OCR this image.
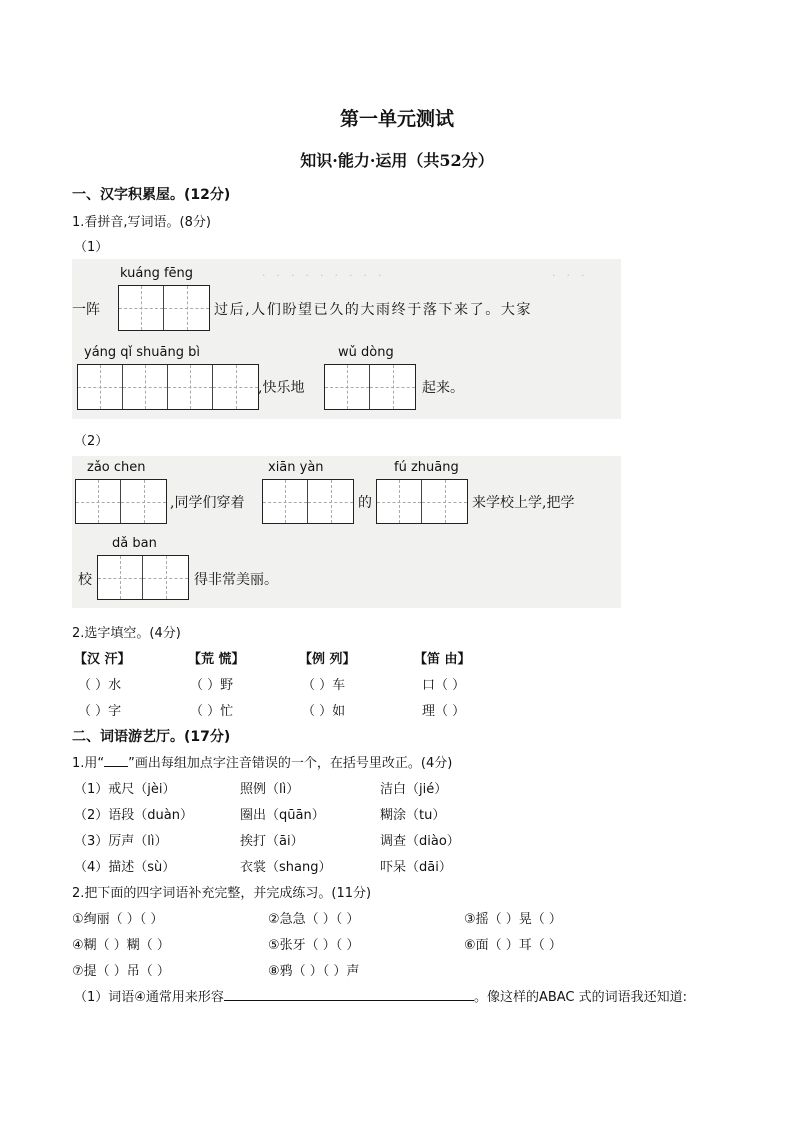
第一单元测试
知识·能力·运用（共52分）
一、汉字积累屋。(12分)
1.看拼音,写词语。(8分)
（1）
·　·　·　·　·　·　·　·　·	·　·　·
kuáng fēng
一阵	过后,人们盼望已久的大雨终于落下来了。大家
yáng qǐ shuāng bì	wǔ dòng
,快乐地	起来。
（2）
zǎo chen	xiān yàn	fú zhuāng
,同学们穿着	的	来学校上学,把学
dǎ ban
校	得非常美丽。
2.选字填空。(4分)
【汉 汗】	【荒 慌】	【例 列】	【笛 由】
（ ）水	（ ）野	（ ）车	口（ ）
（ ）字	（ ）忙	（ ）如	理（ ）
二、词语游艺厅。(17分)
1.用“ ”画出每组加点字注音错误的一个，在括号里改正。(4分)
（1）戒尺（jèi）	照例（lì）	洁白（jié）
（2）语段（duàn）	圈出（qūān）	糊涂（tu）
（3）厉声（lì）	挨打（āi）	调查（diào）
（4）描述（sù）	衣裳（shang）	吓呆（dāi）
2.把下面的四字词语补充完整，并完成练习。(11分)
①绚丽（ ）（ ）	②急急（ ）（ ）	③摇（ ）晃（ ）
④糊（ ）糊（ ）	⑤张牙（ ）（ ）	⑥面（ ）耳（ ）
⑦提（ ）吊（ ）	⑧鸦（ ）（ ）声
（1）词语④通常用来形容	。像这样的ABAC 式的词语我还知道:
